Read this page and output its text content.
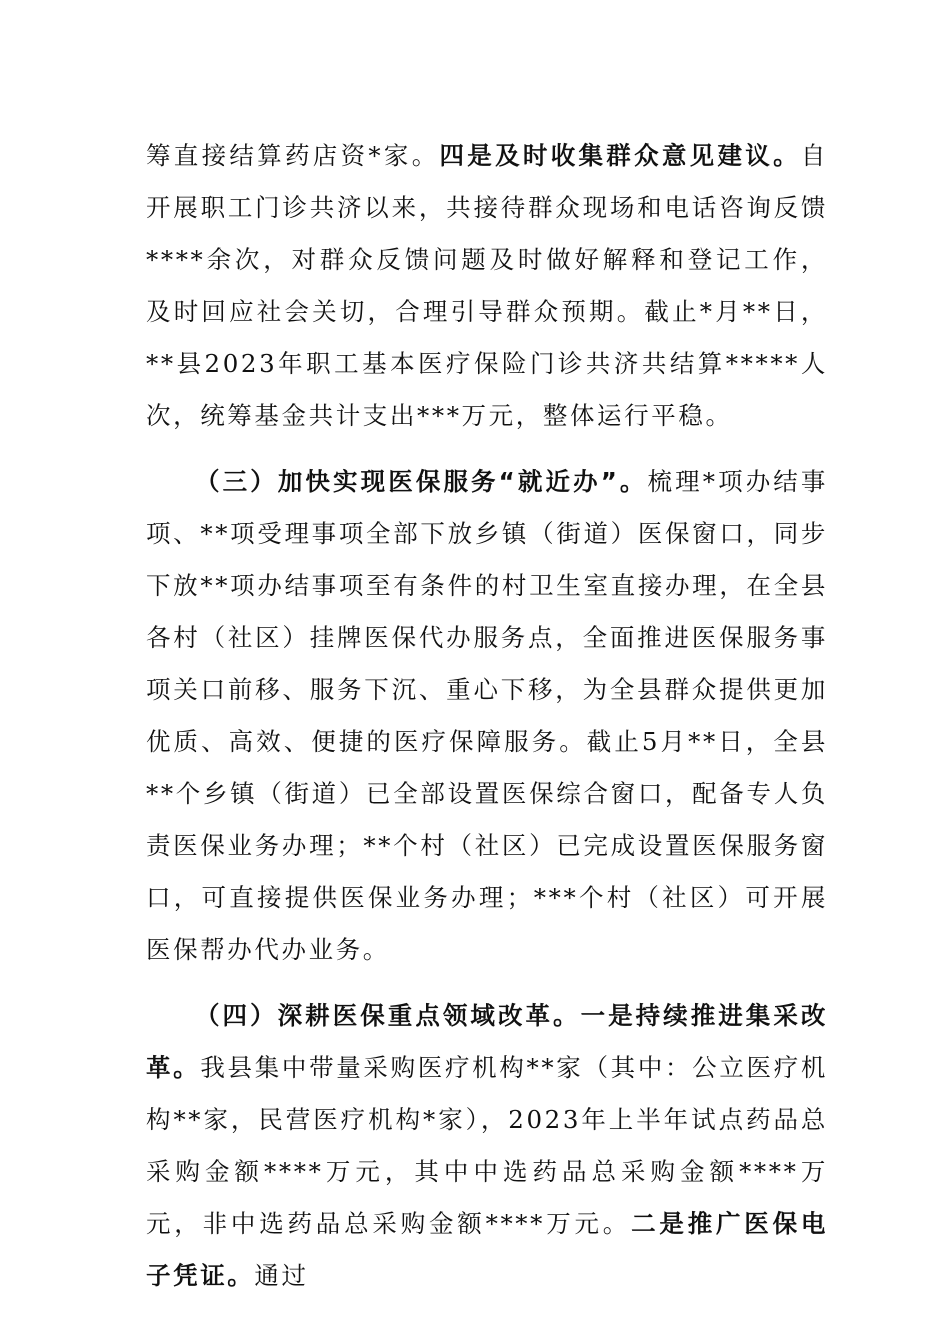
筹直接结算药店资*家。四是及时收集群众意见建议。自开展职工门诊共济以来，共接待群众现场和电话咨询反馈****余次，对群众反馈问题及时做好解释和登记工作，及时回应社会关切，合理引导群众预期。截止*月**日，**县2023年职工基本医疗保险门诊共济共结算*****人次，统筹基金共计支出***万元，整体运行平稳。

（三）加快实现医保服务“就近办”。梳理*项办结事项、**项受理事项全部下放乡镇（街道）医保窗口，同步下放**项办结事项至有条件的村卫生室直接办理，在全县各村（社区）挂牌医保代办服务点，全面推进医保服务事项关口前移、服务下沉、重心下移，为全县群众提供更加优质、高效、便捷的医疗保障服务。截止5月**日，全县**个乡镇（街道）已全部设置医保综合窗口，配备专人负责医保业务办理；**个村（社区）已完成设置医保服务窗口，可直接提供医保业务办理；***个村（社区）可开展医保帮办代办业务。

（四）深耕医保重点领域改革。一是持续推进集采改革。我县集中带量采购医疗机构**家（其中：公立医疗机构**家，民营医疗机构*家），2023年上半年试点药品总采购金额****万元，其中中选药品总采购金额****万元，非中选药品总采购金额****万元。二是推广医保电子凭证。通过
